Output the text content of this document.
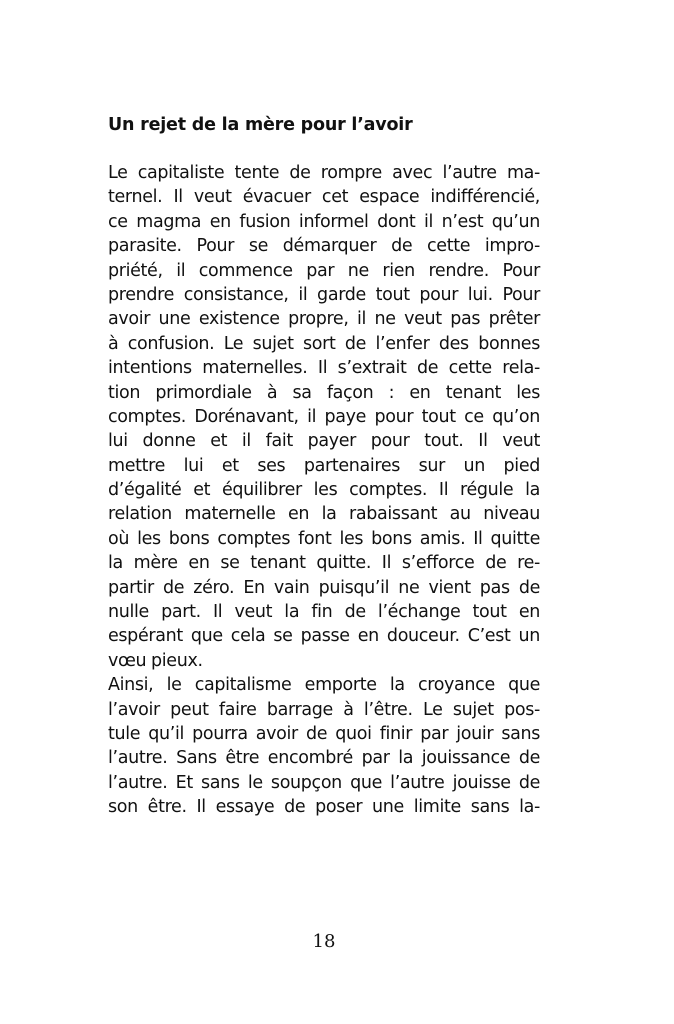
Un rejet de la mère pour l’avoir
Le capitaliste tente de rompre avec l’autre ma-
ternel. Il veut évacuer cet espace indifférencié,
ce magma en fusion informel dont il n’est qu’un
parasite. Pour se démarquer de cette impro-
priété, il commence par ne rien rendre. Pour
prendre consistance, il garde tout pour lui. Pour
avoir une existence propre, il ne veut pas prêter
à confusion. Le sujet sort de l’enfer des bonnes
intentions maternelles. Il s’extrait de cette rela-
tion primordiale à sa façon : en tenant les
comptes. Dorénavant, il paye pour tout ce qu’on
lui donne et il fait payer pour tout. Il veut
mettre lui et ses partenaires sur un pied
d’égalité et équilibrer les comptes. Il régule la
relation maternelle en la rabaissant au niveau
où les bons comptes font les bons amis. Il quitte
la mère en se tenant quitte. Il s’efforce de re-
partir de zéro. En vain puisqu’il ne vient pas de
nulle part. Il veut la fin de l’échange tout en
espérant que cela se passe en douceur. C’est un
vœu pieux.
Ainsi, le capitalisme emporte la croyance que
l’avoir peut faire barrage à l’être. Le sujet pos-
tule qu’il pourra avoir de quoi finir par jouir sans
l’autre. Sans être encombré par la jouissance de
l’autre. Et sans le soupçon que l’autre jouisse de
son être. Il essaye de poser une limite sans la-

18
